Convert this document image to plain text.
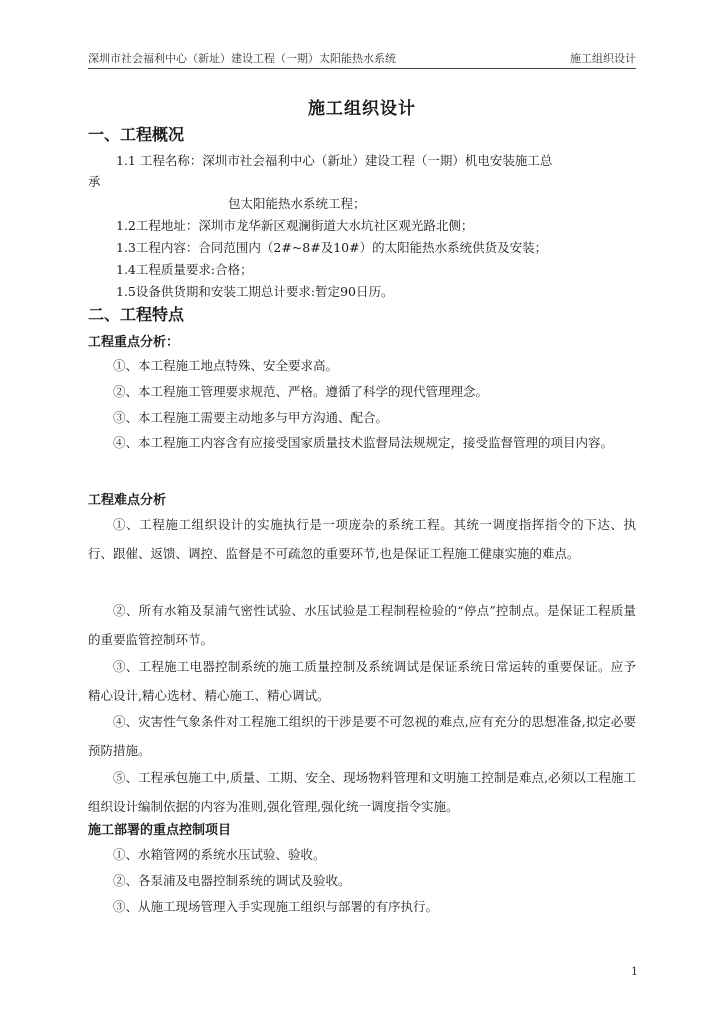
深圳市社会福利中心（新址）建设工程（一期）太阳能热水系统	施工组织设计
施工组织设计
一、工程概况
1.1 工程名称：深圳市社会福利中心（新址）建设工程（一期）机电安装施工总
承
包太阳能热水系统工程；
1.2工程地址：深圳市龙华新区观澜街道大水坑社区观光路北侧；
1.3工程内容：合同范围内（2#~8#及10#）的太阳能热水系统供货及安装；
1.4工程质量要求:合格；
1.5设备供货期和安装工期总计要求:暂定90日历。
二、工程特点
工程重点分析：
①、本工程施工地点特殊、安全要求高。
②、本工程施工管理要求规范、严格。遵循了科学的现代管理理念。
③、本工程施工需要主动地多与甲方沟通、配合。
④、本工程施工内容含有应接受国家质量技术监督局法规规定，接受监督管理的项目内容。
工程难点分析
①、工程施工组织设计的实施执行是一项庞杂的系统工程。其统一调度指挥指令的下达、执行、跟催、返馈、调控、监督是不可疏忽的重要环节,也是保证工程施工健康实施的难点。
②、所有水箱及泵浦气密性试验、水压试验是工程制程检验的“停点”控制点。是保证工程质量的重要监管控制环节。
③、工程施工电器控制系统的施工质量控制及系统调试是保证系统日常运转的重要保证。应予精心设计,精心选材、精心施工、精心调试。
④、灾害性气象条件对工程施工组织的干涉是要不可忽视的难点,应有充分的思想准备,拟定必要预防措施。
⑤、工程承包施工中,质量、工期、安全、现场物料管理和文明施工控制是难点,必须以工程施工组织设计编制依据的内容为准则,强化管理,强化统一调度指令实施。
施工部署的重点控制项目
①、水箱管网的系统水压试验、验收。
②、各泵浦及电器控制系统的调试及验收。
③、从施工现场管理入手实现施工组织与部署的有序执行。
1
